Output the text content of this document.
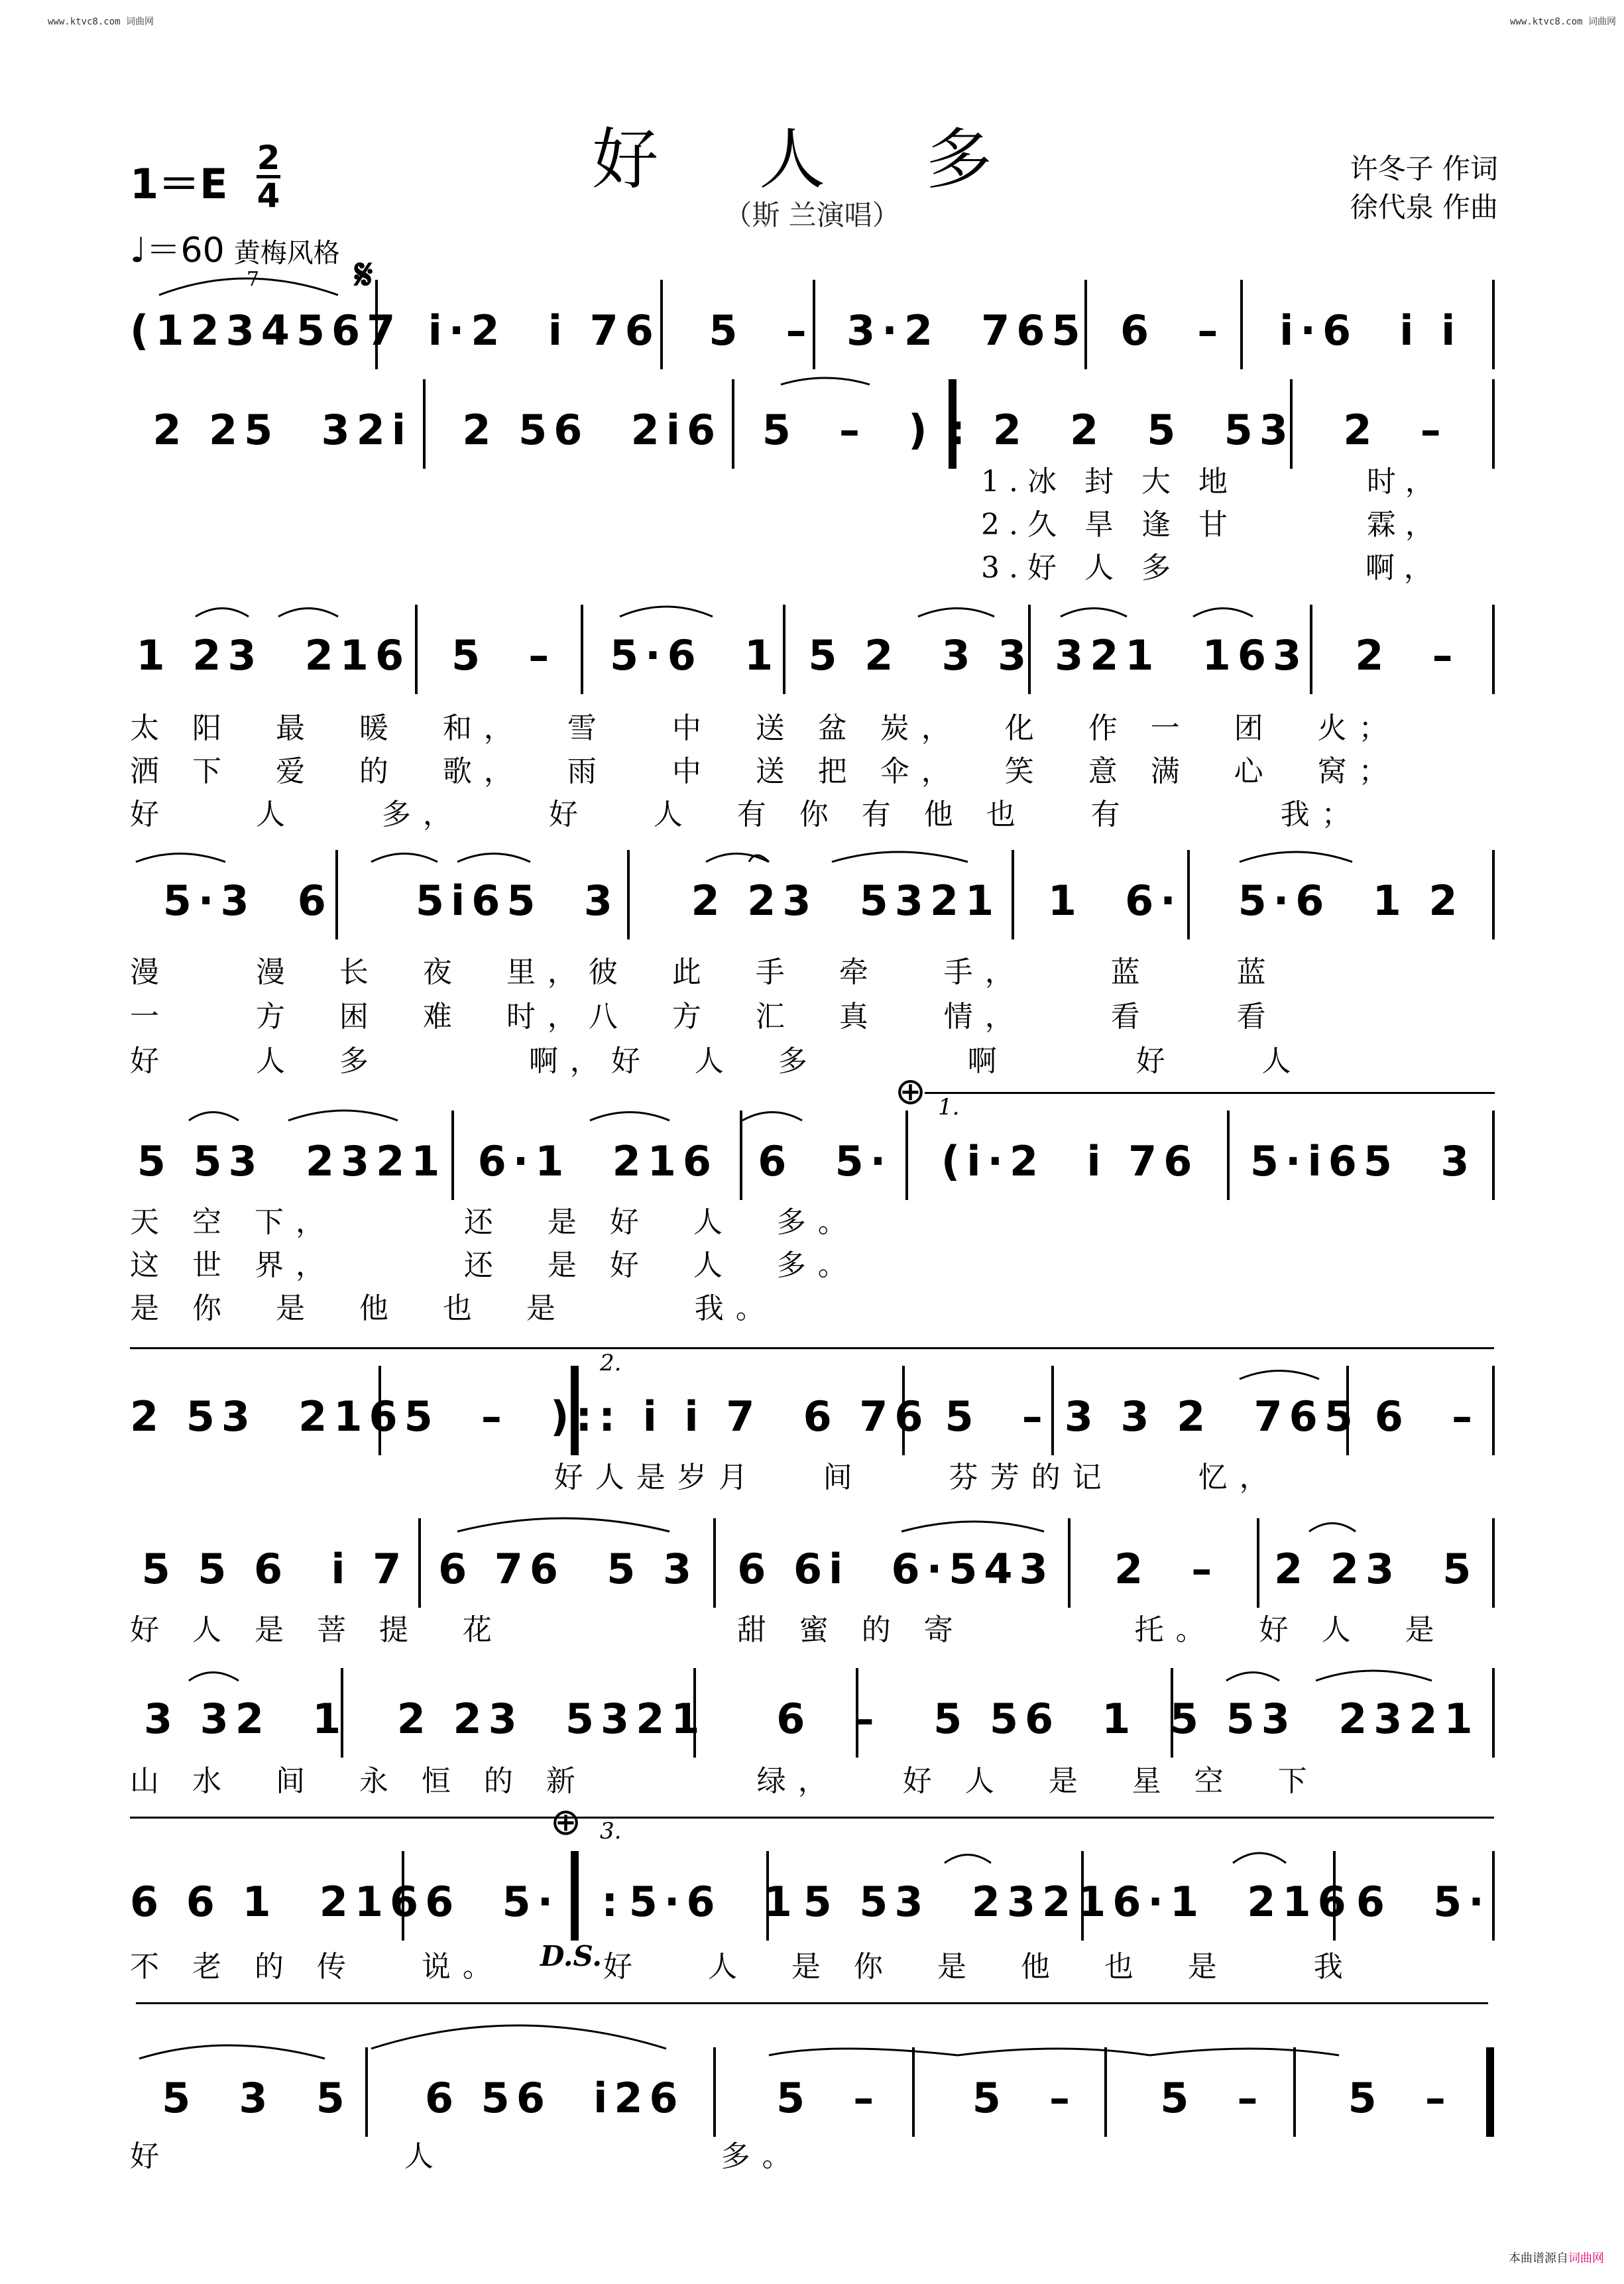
www.ktvc8.com 词曲网	www.ktvc8.com 词曲网
好 人 多
（斯 兰演唱）
许冬子 作词
徐代泉 作曲
1＝E
2
4
♩＝60 黄梅风格 𝄋
7
(1234567 i·2  i 76	5  – 3·2  765 6  –	i·6  i i
2 25  32i	2 56  2i6 5  –  ) : 2  2  5  53	2  –
1.冰 封 大 地       时，
2.久 旱 逢 甘       霖，
3.好 人 多          啊，
1 23  216 5  –	5·6  1 5 2  3 3 321  163	2  –
太 阳  最  暖  和，  雪   中  送 盆 炭，  化  作 一  团  火；
洒 下  爱  的  歌，  雨   中  送 把 伞，  笑  意 满  心  窝；
好    人    多，    好   人  有 你 有 他 也   有       我；
5·3  6	5i65  3	2 23  5321	1  6·	5·6  1 2
漫    漫  长  夜  里，彼  此  手  牵   手，    蓝    蓝
一    方  困  难  时，八  方  汇  真   情，    看    看
好    人  多       啊，好  人  多       啊      好    人
⊕ 1.
5 53  2321 6·1  216 6  5·	(i·2  i 76	5·i65  3
天 空 下，      还  是 好  人  多。
这 世 界，      还  是 好  人  多。
是 你  是  他  也  是      我。
2.
2 53  216 5  –  ): : i i 7  6 76 5  – 3 3 2  765 6  –
好人是岁月   间    芬芳的记    忆，
5 5 6  i 7 6 76  5 3 6 6i  6·543	2  –	2 23  5
好 人 是 菩 提  花           甜 蜜 的 寄        托。  好 人  是
3 32  1	2 23  5321	6  –	5 56  1 5 53  2321
山 水  间  永 恒 的 新        绿，   好 人  是  星 空  下
⊕ 3.
6 6 1  216 6  5·  : 5·6  1 5 53  2321 6·1  216 6  5·
不 老 的 传   说。	D.S. 好   人  是 你  是  他  也  是    我
5  3  5	6 56  i26	5  –	5  –	5  –	5  –
好           人             多。
本曲谱源自词曲网
